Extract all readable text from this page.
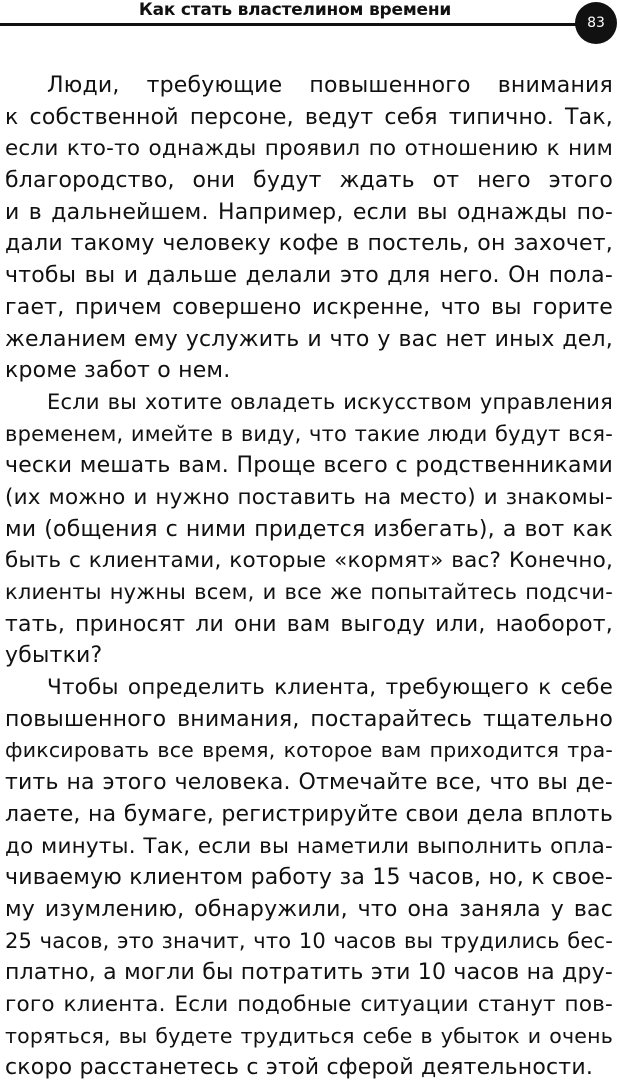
Как стать властелином времени
83

Люди, требующие повышенного внимания
к собственной персоне, ведут себя типично. Так,
если кто-то однажды проявил по отношению к ним
благородство, они будут ждать от него этого
и в дальнейшем. Например, если вы однажды по-
дали такому человеку кофе в постель, он захочет,
чтобы вы и дальше делали это для него. Он пола-
гает, причем совершено искренне, что вы горите
желанием ему услужить и что у вас нет иных дел,
кроме забот о нем.

Если вы хотите овладеть искусством управления
временем, имейте в виду, что такие люди будут вся-
чески мешать вам. Проще всего с родственниками
(их можно и нужно поставить на место) и знакомы-
ми (общения с ними придется избегать), а вот как
быть с клиентами, которые «кормят» вас? Конечно,
клиенты нужны всем, и все же попытайтесь подсчи-
тать, приносят ли они вам выгоду или, наоборот,
убытки?

Чтобы определить клиента, требующего к себе
повышенного внимания, постарайтесь тщательно
фиксировать все время, которое вам приходится тра-
тить на этого человека. Отмечайте все, что вы де-
лаете, на бумаге, регистрируйте свои дела вплоть
до минуты. Так, если вы наметили выполнить опла-
чиваемую клиентом работу за 15 часов, но, к свое-
му изумлению, обнаружили, что она заняла у вас
25 часов, это значит, что 10 часов вы трудились бес-
платно, а могли бы потратить эти 10 часов на дру-
гого клиента. Если подобные ситуации станут пов-
торяться, вы будете трудиться себе в убыток и очень
скоро расстанетесь с этой сферой деятельности.
